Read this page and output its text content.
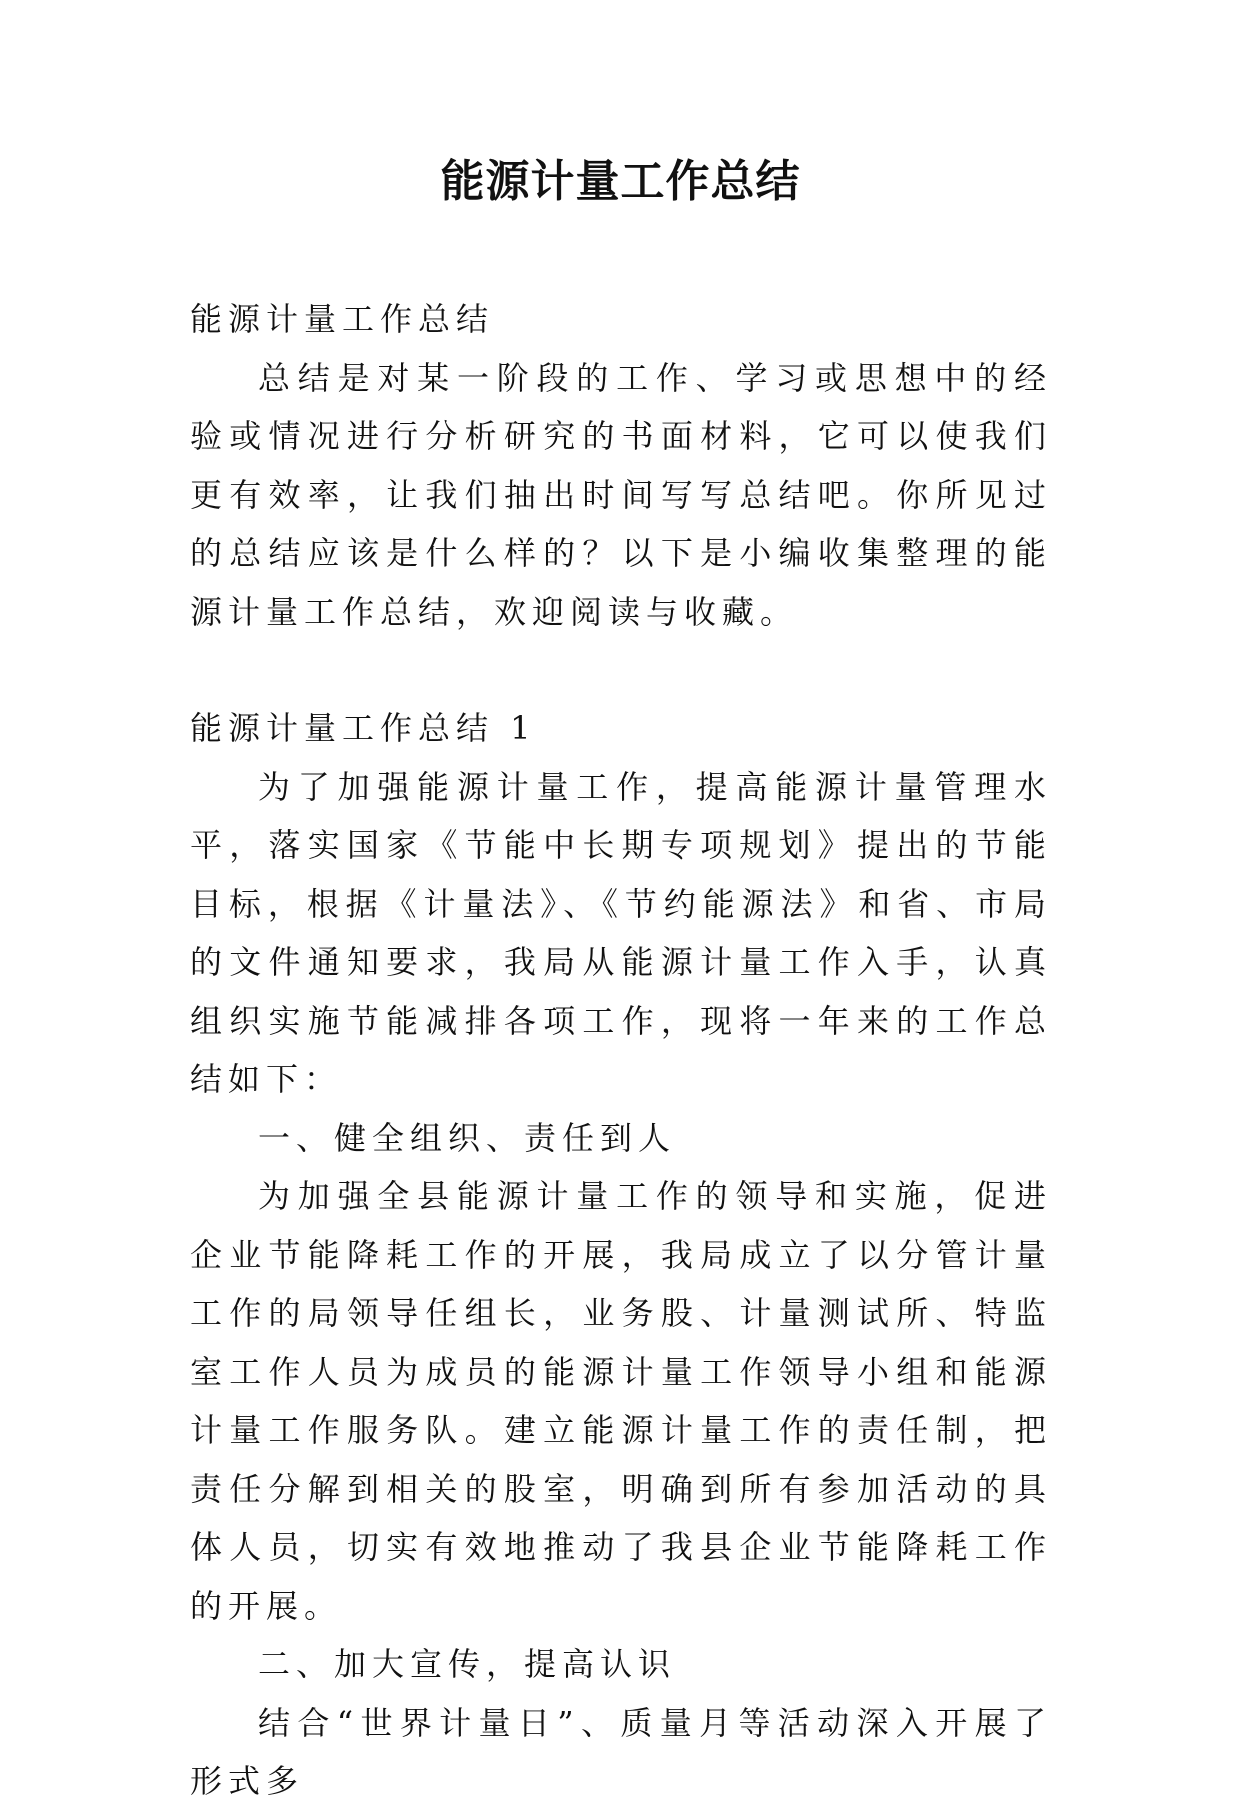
能源计量工作总结

能源计量工作总结

总结是对某一阶段的工作、学习或思想中的经验或情况进行分析研究的书面材料，它可以使我们更有效率，让我们抽出时间写写总结吧。你所见过的总结应该是什么样的？以下是小编收集整理的能源计量工作总结，欢迎阅读与收藏。

能源计量工作总结 1

为了加强能源计量工作，提高能源计量管理水平，落实国家《节能中长期专项规划》提出的节能目标，根据《计量法》、《节约能源法》和省、市局的文件通知要求，我局从能源计量工作入手，认真组织实施节能减排各项工作，现将一年来的工作总结如下：

一、健全组织、责任到人

为加强全县能源计量工作的领导和实施，促进企业节能降耗工作的开展，我局成立了以分管计量工作的局领导任组长，业务股、计量测试所、特监室工作人员为成员的能源计量工作领导小组和能源计量工作服务队。建立能源计量工作的责任制，把责任分解到相关的股室，明确到所有参加活动的具体人员，切实有效地推动了我县企业节能降耗工作的开展。

二、加大宣传，提高认识

结合“世界计量日”、质量月等活动深入开展了形式多
